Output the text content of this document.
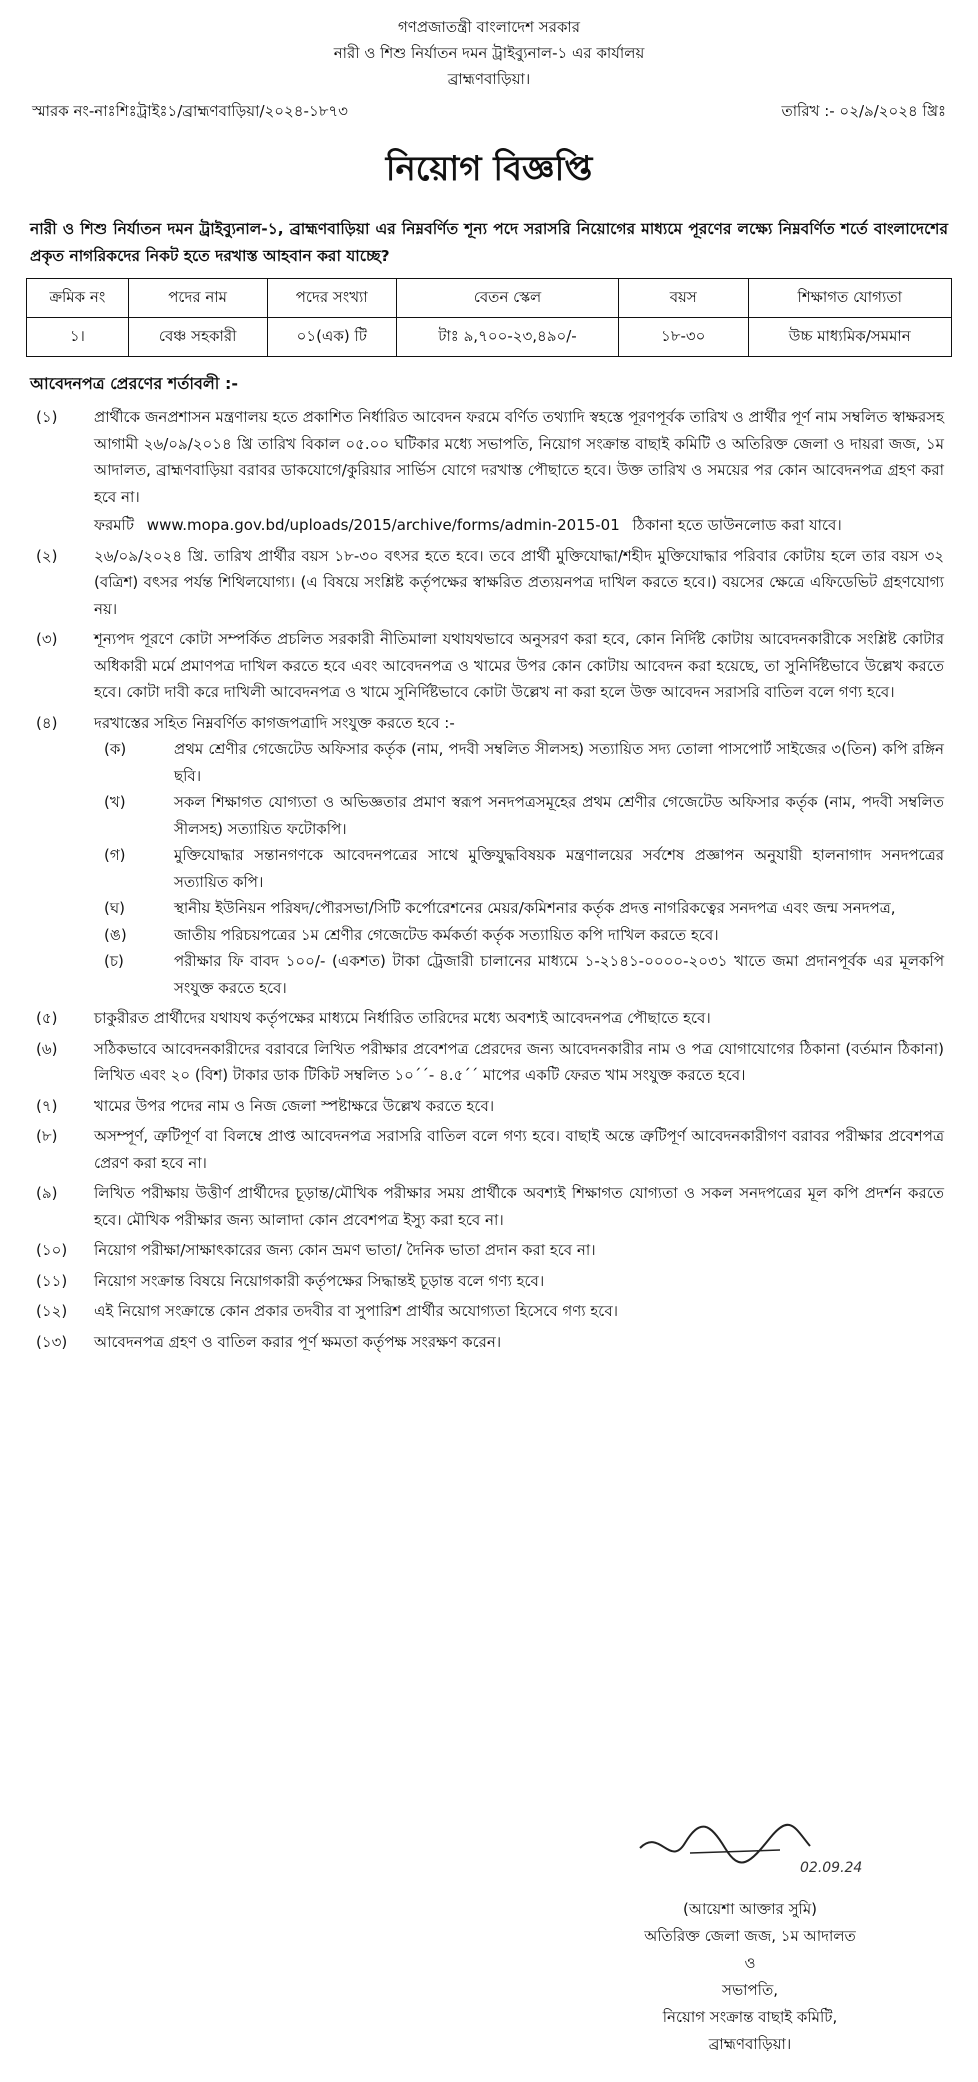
গণপ্রজাতন্ত্রী বাংলাদেশ সরকার
নারী ও শিশু নির্যাতন দমন ট্রাইব্যুনাল-১ এর কার্যালয়
ব্রাহ্মণবাড়িয়া।
স্মারক নং-নাঃশিঃট্রাইঃ১/ব্রাহ্মণবাড়িয়া/২০২৪-১৮৭৩	তারিখ :- ০২/৯/২০২৪ খ্রিঃ
নিয়োগ বিজ্ঞপ্তি
নারী ও শিশু নির্যাতন দমন ট্রাইব্যুনাল-১, ব্রাহ্মণবাড়িয়া এর নিম্নবর্ণিত শূন্য পদে সরাসরি নিয়োগের মাধ্যমে পূরণের লক্ষ্যে নিম্নবর্ণিত শর্তে বাংলাদেশের প্রকৃত নাগরিকদের নিকট হতে দরখাস্ত আহবান করা যাচ্ছে?
ক্রমিক নং	পদের নাম	পদের সংখ্যা	বেতন স্কেল	বয়স	শিক্ষাগত যোগ্যতা
১।	বেঞ্চ সহকারী	০১(এক) টি	টাঃ ৯,৭০০-২৩,৪৯০/-	১৮-৩০	উচ্চ মাধ্যমিক/সমমান
আবেদনপত্র প্রেরণের শর্তাবলী :-
(১)	প্রার্থীকে জনপ্রশাসন মন্ত্রণালয় হতে প্রকাশিত নির্ধারিত আবেদন ফরমে বর্ণিত তথ্যাদি স্বহস্তে পূরণপূর্বক তারিখ ও প্রার্থীর পূর্ণ নাম সম্বলিত স্বাক্ষরসহ আগামী ২৬/০৯/২০১৪ খ্রি তারিখ বিকাল ০৫.০০ ঘটিকার মধ্যে সভাপতি, নিয়োগ সংক্রান্ত বাছাই কমিটি ও অতিরিক্ত জেলা ও দায়রা জজ, ১ম আদালত, ব্রাহ্মণবাড়িয়া বরাবর ডাকযোগে/কুরিয়ার সার্ভিস যোগে দরখাস্ত পৌছাতে হবে। উক্ত তারিখ ও সময়ের পর কোন আবেদনপত্র গ্রহণ করা হবে না।
ফরমটি www.mopa.gov.bd/uploads/2015/archive/forms/admin-2015-01 ঠিকানা হতে ডাউনলোড করা যাবে।
(২)	২৬/০৯/২০২৪ খ্রি. তারিখ প্রার্থীর বয়স ১৮-৩০ বৎসর হতে হবে। তবে প্রার্থী মুক্তিযোদ্ধা/শহীদ মুক্তিযোদ্ধার পরিবার কোটায় হলে তার বয়স ৩২ (বত্রিশ) বৎসর পর্যন্ত শিথিলযোগ্য। (এ বিষয়ে সংশ্লিষ্ট কর্তৃপক্ষের স্বাক্ষরিত প্রত্যয়নপত্র দাখিল করতে হবে।) বয়সের ক্ষেত্রে এফিডেভিট গ্রহণযোগ্য নয়।
(৩)	শূন্যপদ পূরণে কোটা সম্পর্কিত প্রচলিত সরকারী নীতিমালা যথাযথভাবে অনুসরণ করা হবে, কোন নির্দিষ্ট কোটায় আবেদনকারীকে সংশ্লিষ্ট কোটার অধিকারী মর্মে প্রমাণপত্র দাখিল করতে হবে এবং আবেদনপত্র ও খামের উপর কোন কোটায় আবেদন করা হয়েছে, তা সুনির্দিষ্টভাবে উল্লেখ করতে হবে। কোটা দাবী করে দাখিলী আবেদনপত্র ও খামে সুনির্দিষ্টভাবে কোটা উল্লেখ না করা হলে উক্ত আবেদন সরাসরি বাতিল বলে গণ্য হবে।
(৪)	দরখাস্তের সহিত নিম্নবর্ণিত কাগজপত্রাদি সংযুক্ত করতে হবে :-
(ক)	প্রথম শ্রেণীর গেজেটেড অফিসার কর্তৃক (নাম, পদবী সম্বলিত সীলসহ) সত্যায়িত সদ্য তোলা পাসপোর্ট সাইজের ৩(তিন) কপি রঙ্গিন ছবি।
(খ)	সকল শিক্ষাগত যোগ্যতা ও অভিজ্ঞতার প্রমাণ স্বরূপ সনদপত্রসমূহের প্রথম শ্রেণীর গেজেটেড অফিসার কর্তৃক (নাম, পদবী সম্বলিত সীলসহ) সত্যায়িত ফটোকপি।
(গ)	মুক্তিযোদ্ধার সন্তানগণকে আবেদনপত্রের সাথে মুক্তিযুদ্ধবিষয়ক মন্ত্রণালয়ের সর্বশেষ প্রজ্ঞাপন অনুযায়ী হালনাগাদ সনদপত্রের সত্যায়িত কপি।
(ঘ)	স্থানীয় ইউনিয়ন পরিষদ/পৌরসভা/সিটি কর্পোরেশনের মেয়র/কমিশনার কর্তৃক প্রদত্ত নাগরিকত্বের সনদপত্র এবং জন্ম সনদপত্র,
(ঙ)	জাতীয় পরিচয়পত্রের ১ম শ্রেণীর গেজেটেড কর্মকর্তা কর্তৃক সত্যায়িত কপি দাখিল করতে হবে।
(চ)	পরীক্ষার ফি বাবদ ১০০/- (একশত) টাকা ট্রেজারী চালানের মাধ্যমে ১-২১৪১-০০০০-২০৩১ খাতে জমা প্রদানপূর্বক এর মূলকপি সংযুক্ত করতে হবে।
(৫)	চাকুরীরত প্রার্থীদের যথাযথ কর্তৃপক্ষের মাধ্যমে নির্ধারিত তারিদের মধ্যে অবশ্যই আবেদনপত্র পৌছাতে হবে।
(৬)	সঠিকভাবে আবেদনকারীদের বরাবরে লিখিত পরীক্ষার প্রবেশপত্র প্রেরদের জন্য আবেদনকারীর নাম ও পত্র যোগাযোগের ঠিকানা (বর্তমান ঠিকানা) লিখিত এবং ২০ (বিশ) টাকার ডাক টিকিট সম্বলিত ১০´´- ৪.৫´´ মাপের একটি ফেরত খাম সংযুক্ত করতে হবে।
(৭)	খামের উপর পদের নাম ও নিজ জেলা স্পষ্টাক্ষরে উল্লেখ করতে হবে।
(৮)	অসম্পূর্ণ, ত্রুটিপূর্ণ বা বিলম্বে প্রাপ্ত আবেদনপত্র সরাসরি বাতিল বলে গণ্য হবে। বাছাই অন্তে ত্রুটিপূর্ণ আবেদনকারীগণ বরাবর পরীক্ষার প্রবেশপত্র প্রেরণ করা হবে না।
(৯)	লিখিত পরীক্ষায় উত্তীর্ণ প্রার্থীদের চূড়ান্ত/মৌখিক পরীক্ষার সময় প্রার্থীকে অবশ্যই শিক্ষাগত যোগ্যতা ও সকল সনদপত্রের মূল কপি প্রদর্শন করতে হবে। মৌখিক পরীক্ষার জন্য আলাদা কোন প্রবেশপত্র ইস্যু করা হবে না।
(১০)	নিয়োগ পরীক্ষা/সাক্ষাৎকারের জন্য কোন ভ্রমণ ভাতা/ দৈনিক ভাতা প্রদান করা হবে না।
(১১)	নিয়োগ সংক্রান্ত বিষয়ে নিয়োগকারী কর্তৃপক্ষের সিদ্ধান্তই চূড়ান্ত বলে গণ্য হবে।
(১২)	এই নিয়োগ সংক্রান্তে কোন প্রকার তদবীর বা সুপারিশ প্রার্থীর অযোগ্যতা হিসেবে গণ্য হবে।
(১৩)	আবেদনপত্র গ্রহণ ও বাতিল করার পূর্ণ ক্ষমতা কর্তৃপক্ষ সংরক্ষণ করেন।
02.09.24
(আয়েশা আক্তার সুমি)
অতিরিক্ত জেলা জজ, ১ম আদালত
ও
সভাপতি,
নিয়োগ সংক্রান্ত বাছাই কমিটি,
ব্রাহ্মণবাড়িয়া।
